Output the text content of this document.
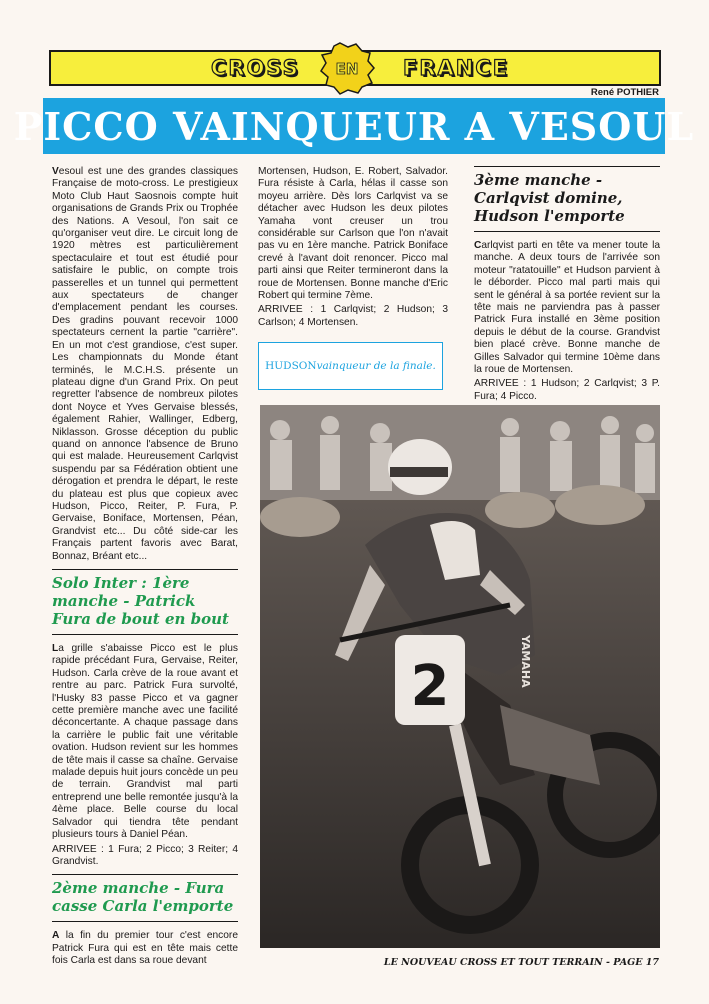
CROSS	FRANCE
EN
René POTHIER
PICCO VAINQUEUR A VESOUL

Vesoul est une des grandes classiques Française de moto-cross. Le prestigieux Moto Club Haut Saosnois compte huit organisations de Grands Prix ou Trophée des Nations. A Vesoul, l'on sait ce qu'organiser veut dire. Le circuit long de 1920 mètres est particulièrement spectaculaire et tout est étudié pour satisfaire le public, on compte trois passerelles et un tunnel qui permettent aux spectateurs de changer d'emplacement pendant les courses. Des gradins pouvant recevoir 1000 spectateurs cernent la partie "carrière". En un mot c'est grandiose, c'est super. Les championnats du Monde étant terminés, le M.C.H.S. présente un plateau digne d'un Grand Prix. On peut regretter l'absence de nombreux pilotes dont Noyce et Yves Gervaise blessés, également Rahier, Wallinger, Edberg, Niklasson. Grosse déception du public quand on annonce l'absence de Bruno qui est malade. Heureusement Carlqvist suspendu par sa Fédération obtient une dérogation et prendra le départ, le reste du plateau est plus que copieux avec Hudson, Picco, Reiter, P. Fura, P. Gervaise, Boniface, Mortensen, Péan, Grandvist etc... Du côté side-car les Français partent favoris avec Barat, Bonnaz, Bréant etc...

Solo Inter : 1ère manche - Patrick Fura de bout en bout

La grille s'abaisse Picco est le plus rapide précédant Fura, Gervaise, Reiter, Hudson. Carla crève de la roue avant et rentre au parc. Patrick Fura survolté, l'Husky 83 passe Picco et va gagner cette première manche avec une facilité déconcertante. A chaque passage dans la carrière le public fait une véritable ovation. Hudson revient sur les hommes de tête mais il casse sa chaîne. Gervaise malade depuis huit jours concède un peu de terrain. Grandvist mal parti entreprend une belle remontée jusqu'à la 4ème place. Belle course du local Salvador qui tiendra tête pendant plusieurs tours à Daniel Péan.

ARRIVEE : 1 Fura; 2 Picco; 3 Reiter; 4 Grandvist.

2ème manche - Fura casse Carla l'emporte

A la fin du premier tour c'est encore Patrick Fura qui est en tête mais cette fois Carla est dans sa roue devant

Mortensen, Hudson, E. Robert, Salvador. Fura résiste à Carla, hélas il casse son moyeu arrière. Dès lors Carlqvist va se détacher avec Hudson les deux pilotes Yamaha vont creuser un trou considérable sur Carlson que l'on n'avait pas vu en 1ère manche. Patrick Boniface crevé à l'avant doit renoncer. Picco mal parti ainsi que Reiter termineront dans la roue de Mortensen. Bonne manche d'Eric Robert qui termine 7ème.

ARRIVEE : 1 Carlqvist; 2 Hudson; 3 Carlson; 4 Mortensen.

3ème manche - Carlqvist domine, Hudson l'emporte

Carlqvist parti en tête va mener toute la manche. A deux tours de l'arrivée son moteur "ratatouille" et Hudson parvient à le déborder. Picco mal parti mais qui sent le général à sa portée revient sur la tête mais ne parviendra pas à passer Patrick Fura installé en 3ème position depuis le début de la course. Grandvist bien placé crève. Bonne manche de Gilles Salvador qui termine 10ème dans la roue de Mortensen.

ARRIVEE : 1 Hudson; 2 Carlqvist; 3 P. Fura; 4 Picco.

HUDSON vainqueur de la finale.
2	YAMAHA
LE NOUVEAU CROSS ET TOUT TERRAIN - PAGE 17
